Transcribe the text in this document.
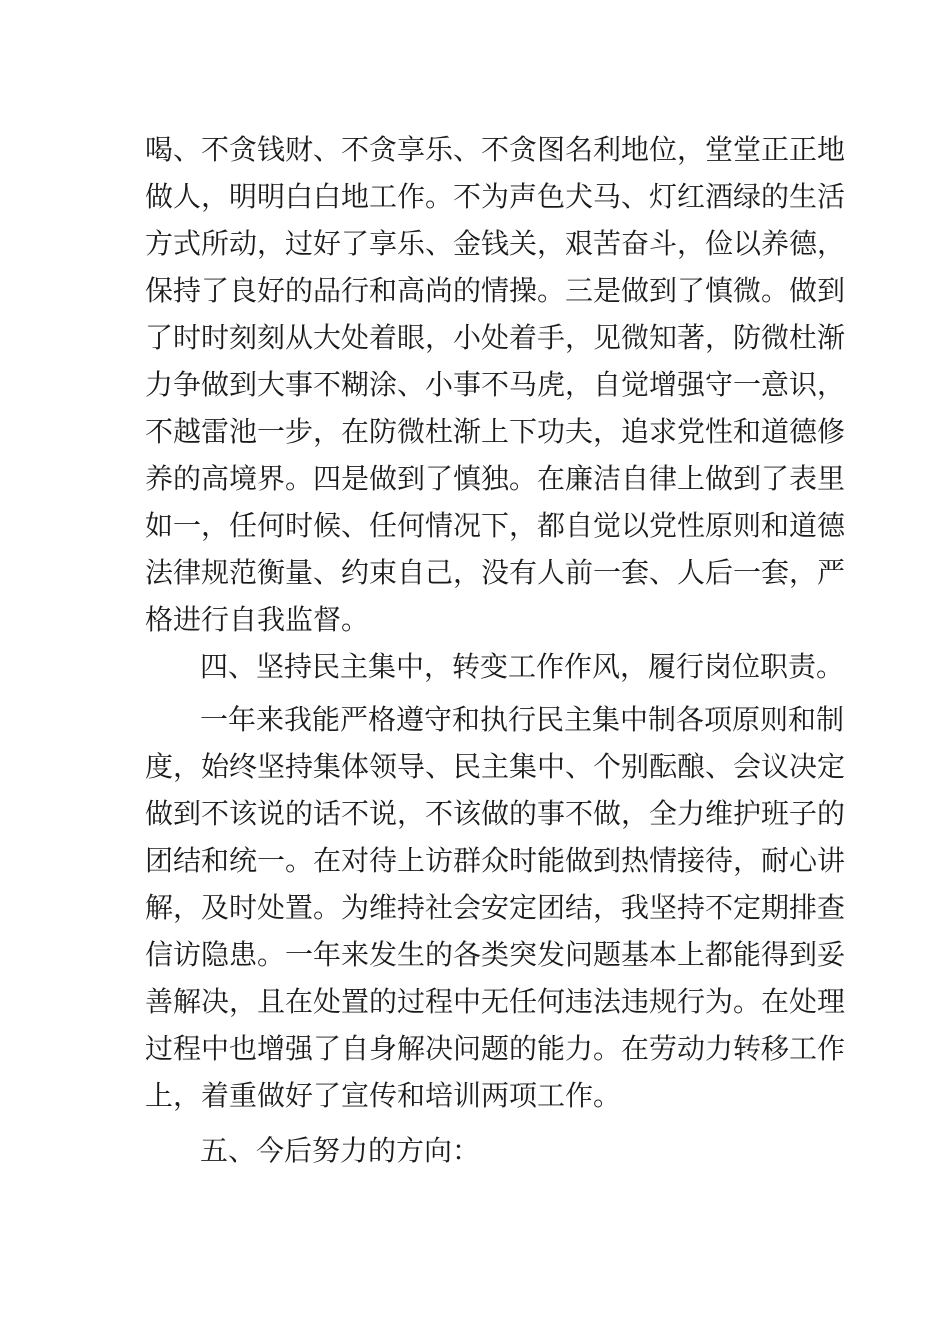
喝、不贪钱财、不贪享乐、不贪图名利地位，堂堂正正地
做人，明明白白地工作。不为声色犬马、灯红酒绿的生活
方式所动，过好了享乐、金钱关，艰苦奋斗，俭以养德，
保持了良好的品行和高尚的情操。三是做到了慎微。做到
了时时刻刻从大处着眼，小处着手，见微知著，防微杜渐
力争做到大事不糊涂、小事不马虎，自觉增强守一意识，
不越雷池一步，在防微杜渐上下功夫，追求党性和道德修
养的高境界。四是做到了慎独。在廉洁自律上做到了表里
如一，任何时候、任何情况下，都自觉以党性原则和道德
法律规范衡量、约束自己，没有人前一套、人后一套，严
格进行自我监督。
四、坚持民主集中，转变工作作风，履行岗位职责。
一年来我能严格遵守和执行民主集中制各项原则和制
度，始终坚持集体领导、民主集中、个别酝酿、会议决定
做到不该说的话不说，不该做的事不做，全力维护班子的
团结和统一。在对待上访群众时能做到热情接待，耐心讲
解，及时处置。为维持社会安定团结，我坚持不定期排查
信访隐患。一年来发生的各类突发问题基本上都能得到妥
善解决，且在处置的过程中无任何违法违规行为。在处理
过程中也增强了自身解决问题的能力。在劳动力转移工作
上，着重做好了宣传和培训两项工作。
五、今后努力的方向：
